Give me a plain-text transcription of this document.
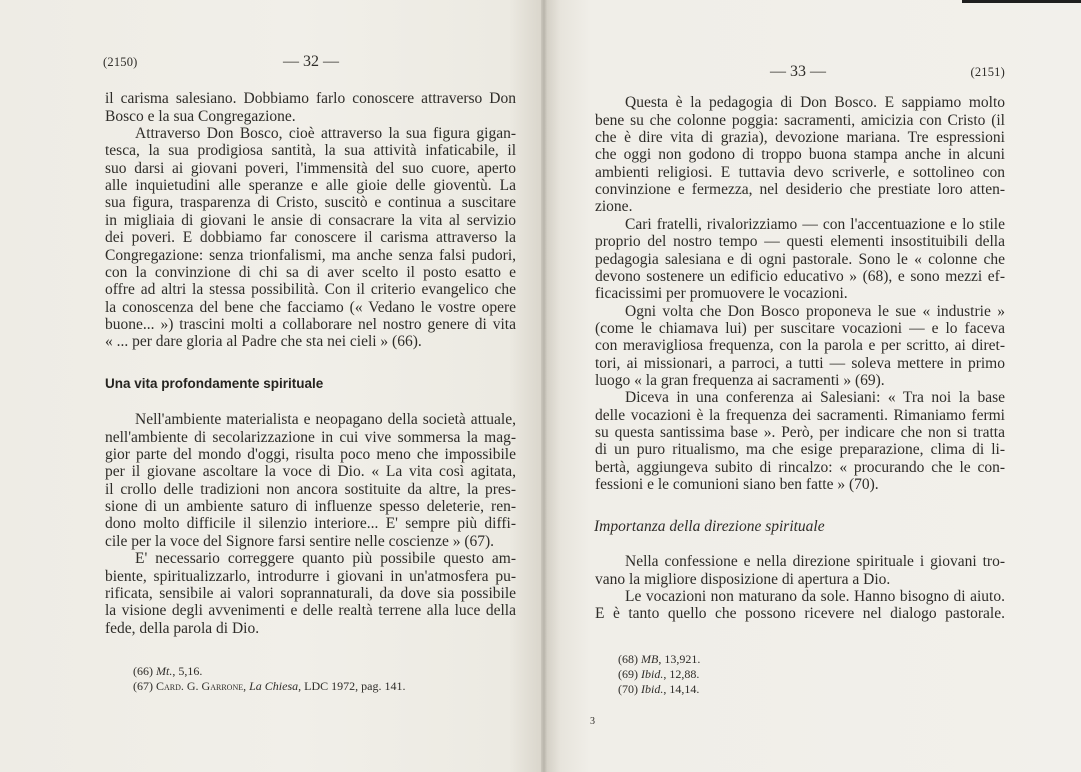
(2150)	— 32 —
il carisma salesiano. Dobbiamo farlo conoscere attraverso Don
Bosco e la sua Congregazione.
Attraverso Don Bosco, cioè attraverso la sua figura gigan-
tesca, la sua prodigiosa santità, la sua attività infaticabile, il
suo darsi ai giovani poveri, l'immensità del suo cuore, aperto
alle inquietudini alle speranze e alle gioie delle gioventù. La
sua figura, trasparenza di Cristo, suscitò e continua a suscitare
in migliaia di giovani le ansie di consacrare la vita al servizio
dei poveri. E dobbiamo far conoscere il carisma attraverso la
Congregazione: senza trionfalismi, ma anche senza falsi pudori,
con la convinzione di chi sa di aver scelto il posto esatto e
offre ad altri la stessa possibilità. Con il criterio evangelico che
la conoscenza del bene che facciamo (« Vedano le vostre opere
buone... ») trascini molti a collaborare nel nostro genere di vita
« ... per dare gloria al Padre che sta nei cieli » (66).
Una vita profondamente spirituale
Nell'ambiente materialista e neopagano della società attuale,
nell'ambiente di secolarizzazione in cui vive sommersa la mag-
gior parte del mondo d'oggi, risulta poco meno che impossibile
per il giovane ascoltare la voce di Dio. « La vita così agitata,
il crollo delle tradizioni non ancora sostituite da altre, la pres-
sione di un ambiente saturo di influenze spesso deleterie, ren-
dono molto difficile il silenzio interiore... E' sempre più diffi-
cile per la voce del Signore farsi sentire nelle coscienze » (67).
E' necessario correggere quanto più possibile questo am-
biente, spiritualizzarlo, introdurre i giovani in un'atmosfera pu-
rificata, sensibile ai valori soprannaturali, da dove sia possibile
la visione degli avvenimenti e delle realtà terrene alla luce della
fede, della parola di Dio.
(66) Mt., 5,16.
(67) Card. G. Garrone, La Chiesa, LDC 1972, pag. 141.
— 33 —	(2151)
Questa è la pedagogia di Don Bosco. E sappiamo molto
bene su che colonne poggia: sacramenti, amicizia con Cristo (il
che è dire vita di grazia), devozione mariana. Tre espressioni
che oggi non godono di troppo buona stampa anche in alcuni
ambienti religiosi. E tuttavia devo scriverle, e sottolineo con
convinzione e fermezza, nel desiderio che prestiate loro atten-
zione.
Cari fratelli, rivalorizziamo — con l'accentuazione e lo stile
proprio del nostro tempo — questi elementi insostituibili della
pedagogia salesiana e di ogni pastorale. Sono le « colonne che
devono sostenere un edificio educativo » (68), e sono mezzi ef-
ficacissimi per promuovere le vocazioni.
Ogni volta che Don Bosco proponeva le sue « industrie »
(come le chiamava lui) per suscitare vocazioni — e lo faceva
con meravigliosa frequenza, con la parola e per scritto, ai diret-
tori, ai missionari, a parroci, a tutti — soleva mettere in primo
luogo « la gran frequenza ai sacramenti » (69).
Diceva in una conferenza ai Salesiani: « Tra noi la base
delle vocazioni è la frequenza dei sacramenti. Rimaniamo fermi
su questa santissima base ». Però, per indicare che non si tratta
di un puro ritualismo, ma che esige preparazione, clima di li-
bertà, aggiungeva subito di rincalzo: « procurando che le con-
fessioni e le comunioni siano ben fatte » (70).
Importanza della direzione spirituale
Nella confessione e nella direzione spirituale i giovani tro-
vano la migliore disposizione di apertura a Dio.
Le vocazioni non maturano da sole. Hanno bisogno di aiuto.
E è tanto quello che possono ricevere nel dialogo pastorale.
(68) MB, 13,921.
(69) Ibid., 12,88.
(70) Ibid., 14,14.
3
